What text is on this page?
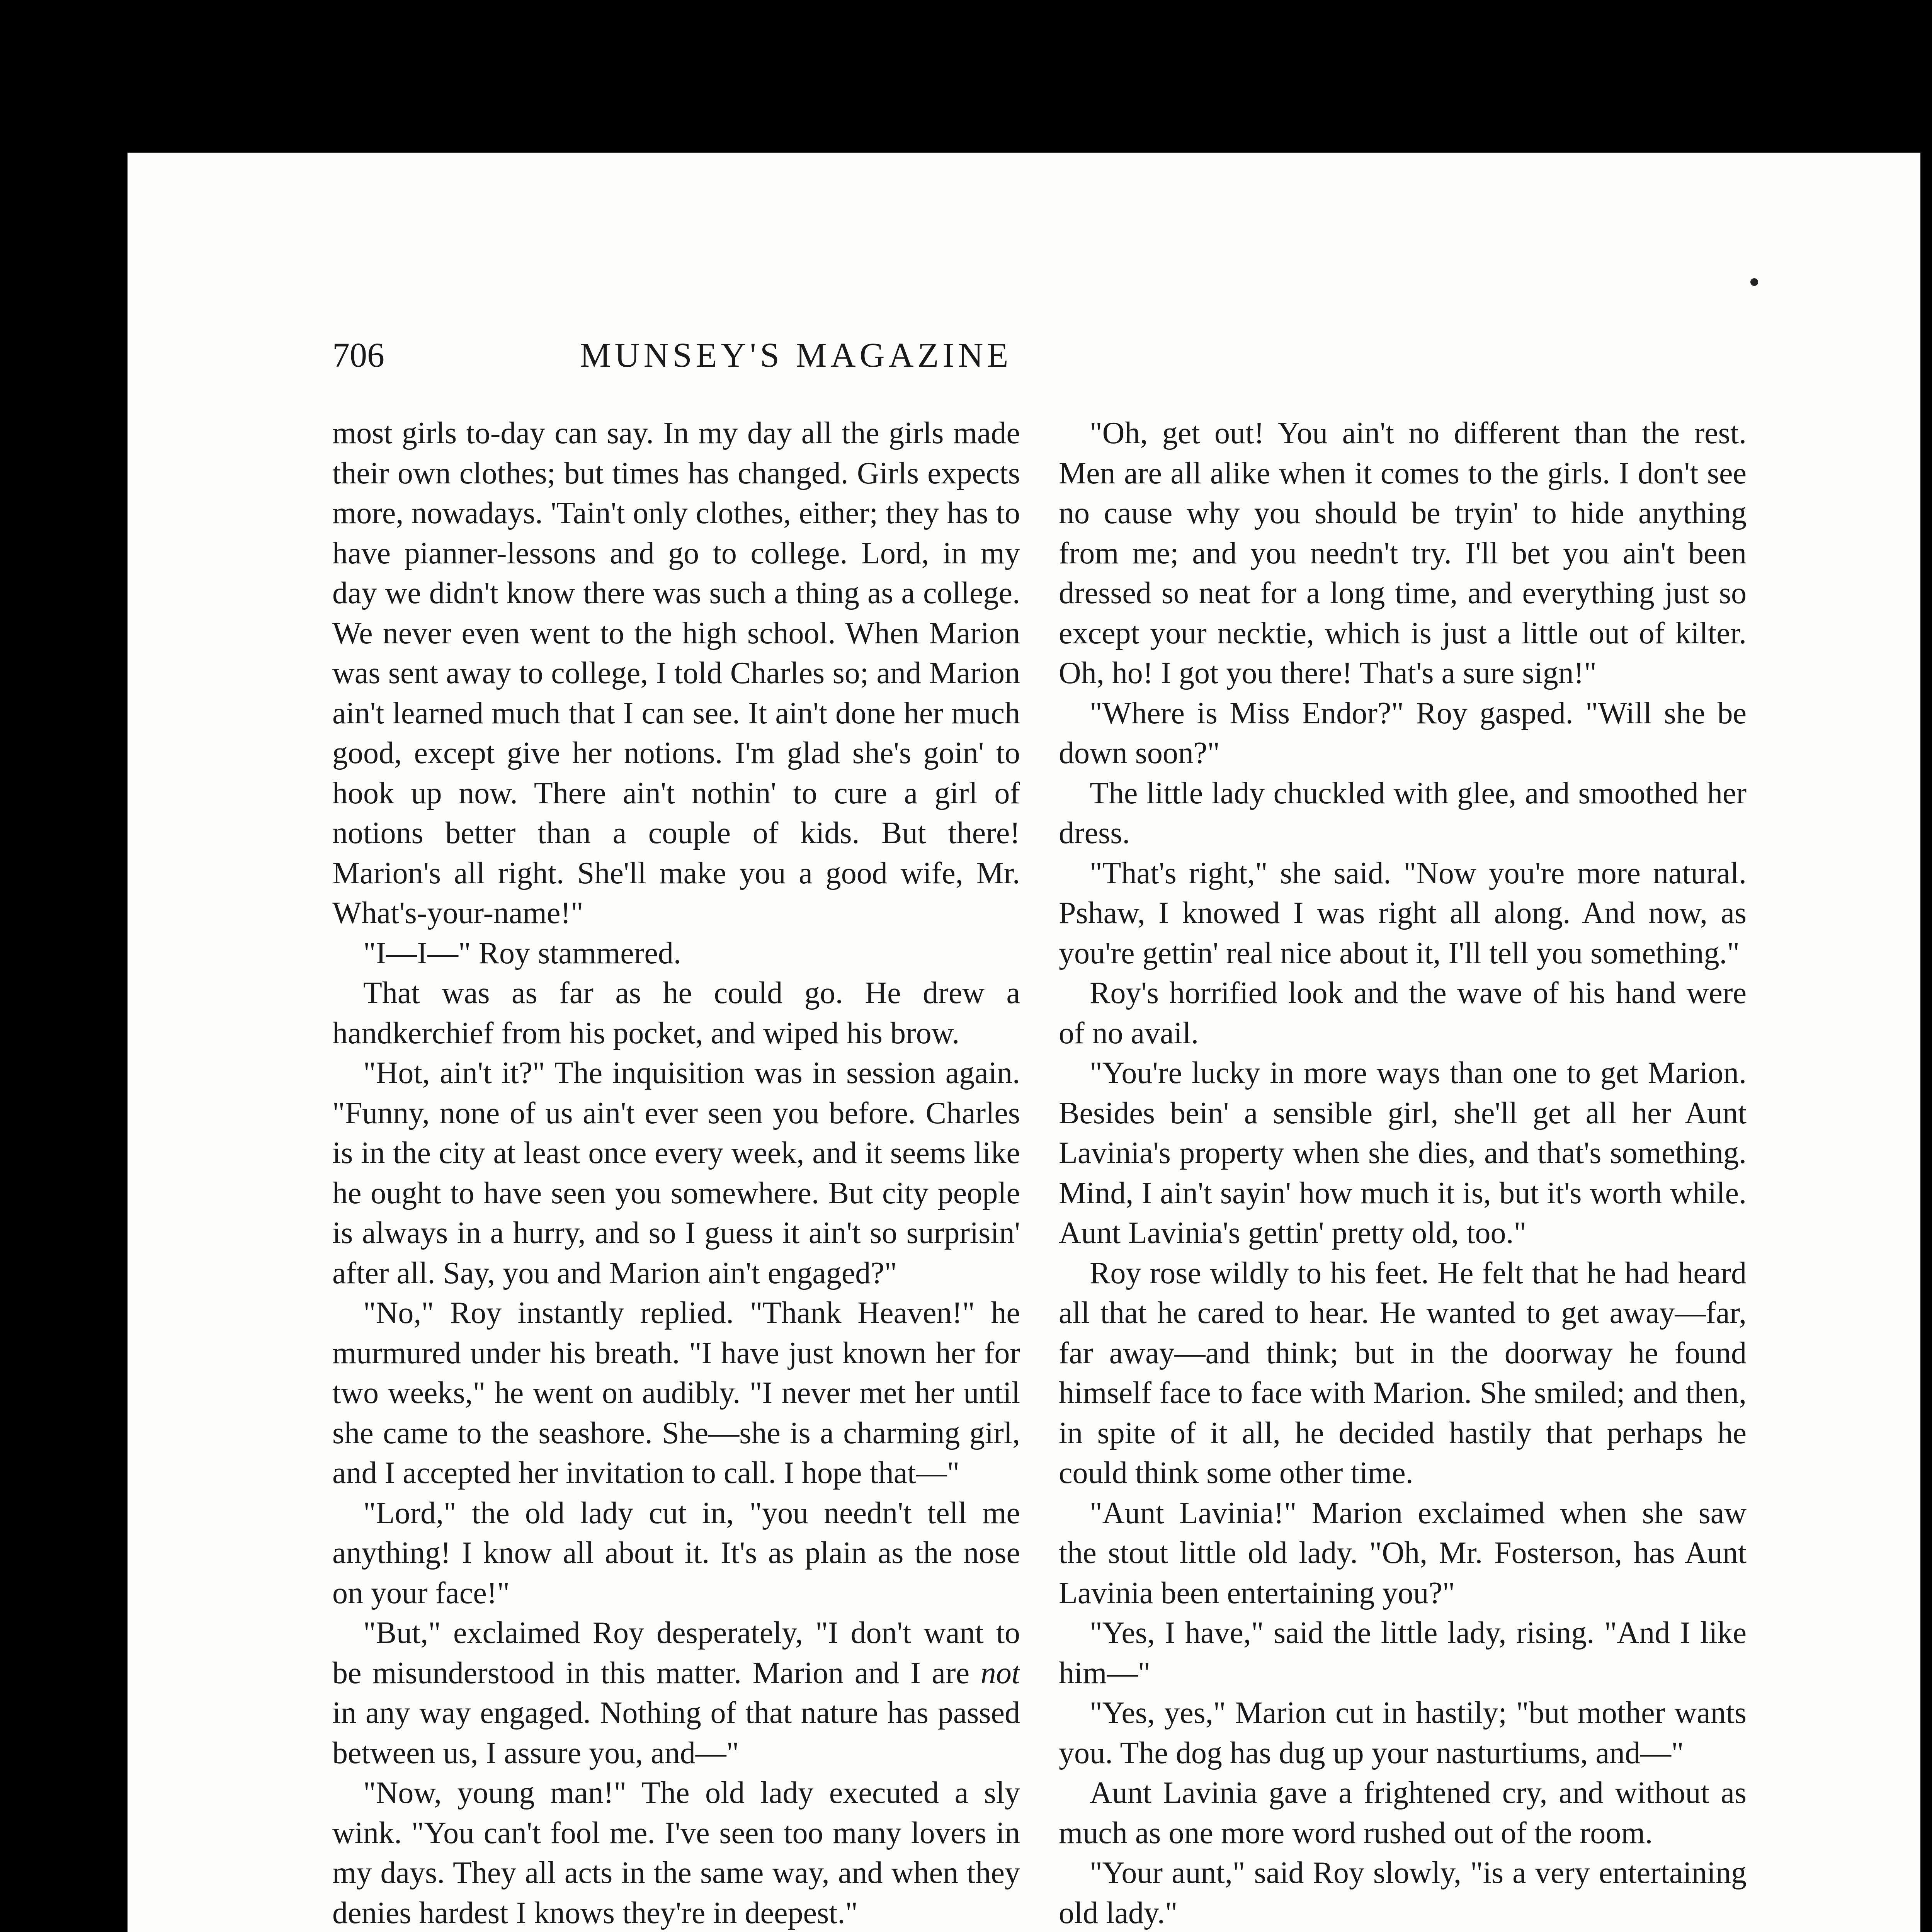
706	MUNSEY'S MAGAZINE

most girls to-day can say. In my day all the girls made their own clothes; but times has changed. Girls expects more, nowadays. 'Tain't only clothes, either; they has to have pianner-lessons and go to college. Lord, in my day we didn't know there was such a thing as a college. We never even went to the high school. When Marion was sent away to college, I told Charles so; and Marion ain't learned much that I can see. It ain't done her much good, except give her notions. I'm glad she's goin' to hook up now. There ain't nothin' to cure a girl of notions better than a couple of kids. But there! Marion's all right. She'll make you a good wife, Mr. What's-your-name!"

"I—I—" Roy stammered.

That was as far as he could go. He drew a handkerchief from his pocket, and wiped his brow.

"Hot, ain't it?" The inquisition was in session again. "Funny, none of us ain't ever seen you before. Charles is in the city at least once every week, and it seems like he ought to have seen you somewhere. But city people is always in a hurry, and so I guess it ain't so surprisin' after all. Say, you and Marion ain't engaged?"

"No," Roy instantly replied. "Thank Heaven!" he murmured under his breath. "I have just known her for two weeks," he went on audibly. "I never met her until she came to the seashore. She—she is a charming girl, and I accepted her invitation to call. I hope that—"

"Lord," the old lady cut in, "you needn't tell me anything! I know all about it. It's as plain as the nose on your face!"

"But," exclaimed Roy desperately, "I don't want to be misunderstood in this matter. Marion and I are not in any way engaged. Nothing of that nature has passed between us, I assure you, and—"

"Now, young man!" The old lady executed a sly wink. "You can't fool me. I've seen too many lovers in my days. They all acts in the same way, and when they denies hardest I knows they're in deepest."

"Oh, get out! You ain't no different than the rest. Men are all alike when it comes to the girls. I don't see no cause why you should be tryin' to hide anything from me; and you needn't try. I'll bet you ain't been dressed so neat for a long time, and everything just so except your necktie, which is just a little out of kilter. Oh, ho! I got you there! That's a sure sign!"

"Where is Miss Endor?" Roy gasped. "Will she be down soon?"

The little lady chuckled with glee, and smoothed her dress.

"That's right," she said. "Now you're more natural. Pshaw, I knowed I was right all along. And now, as you're gettin' real nice about it, I'll tell you something."

Roy's horrified look and the wave of his hand were of no avail.

"You're lucky in more ways than one to get Marion. Besides bein' a sensible girl, she'll get all her Aunt Lavinia's property when she dies, and that's something. Mind, I ain't sayin' how much it is, but it's worth while. Aunt Lavinia's gettin' pretty old, too."

Roy rose wildly to his feet. He felt that he had heard all that he cared to hear. He wanted to get away—far, far away—and think; but in the doorway he found himself face to face with Marion. She smiled; and then, in spite of it all, he decided hastily that perhaps he could think some other time.

"Aunt Lavinia!" Marion exclaimed when she saw the stout little old lady. "Oh, Mr. Fosterson, has Aunt Lavinia been entertaining you?"

"Yes, I have," said the little lady, rising. "And I like him—"

"Yes, yes," Marion cut in hastily; "but mother wants you. The dog has dug up your nasturtiums, and—"

Aunt Lavinia gave a frightened cry, and without as much as one more word rushed out of the room.

"Your aunt," said Roy slowly, "is a very entertaining old lady."
